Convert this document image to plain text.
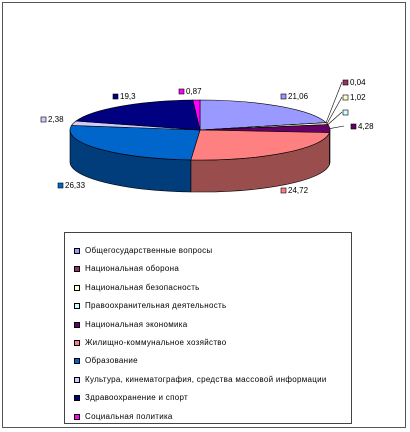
21,06
0,04
1,02
4,28
24,72
26,33
2,38
19,3
0,87
Общегосударственные вопросы
Национальная оборона
Национальная безопасность
Правоохранительная деятельность
Национальная экономика
Жилищно-коммунальное хозяйство
Образование
Культура, кинематография, средства массовой информации
Здравоохранение и спорт
Социальная политика
